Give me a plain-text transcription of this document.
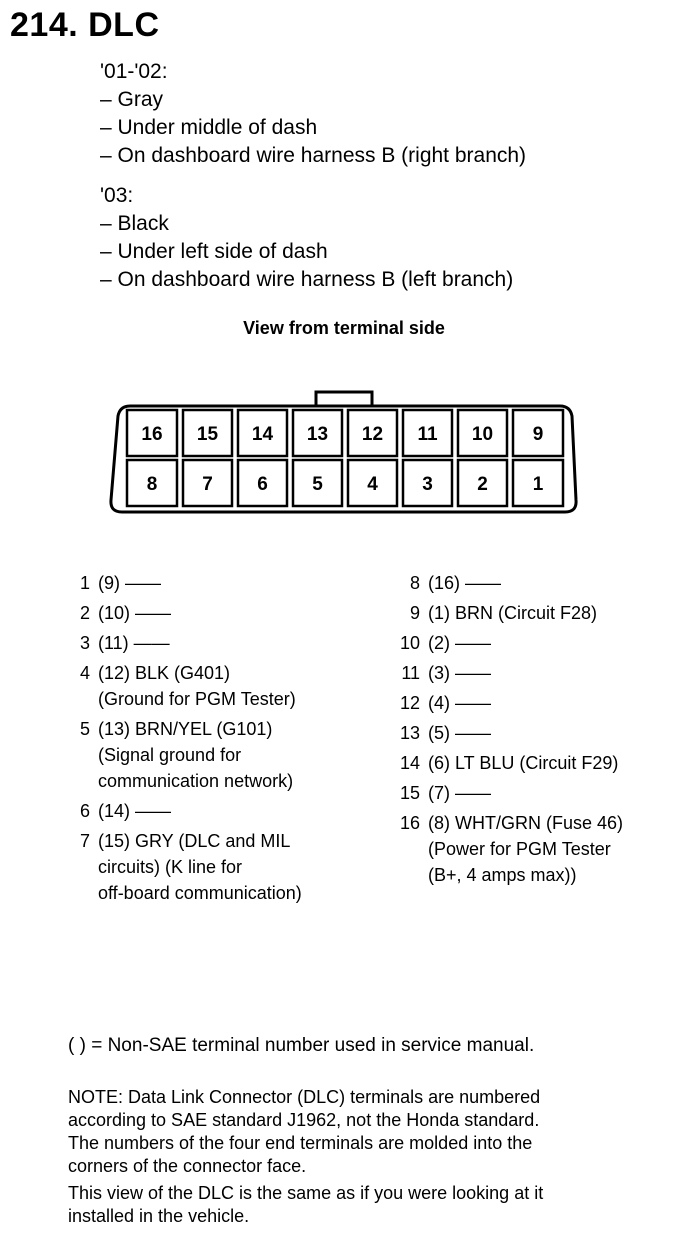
214. DLC
'01-'02:
– Gray
– Under middle of dash
– On dashboard wire harness B (right branch)
'03:
– Black
– Under left side of dash
– On dashboard wire harness B (left branch)
View from terminal side
16 15 14 13 12 11 10 9
8 7 6 5 4 3 2 1
1 (9) ——
2 (10) ——
3 (11) ——
4 (12) BLK (G401)
(Ground for PGM Tester)
5 (13) BRN/YEL (G101)
(Signal ground for
communication network)
6 (14) ——
7 (15) GRY (DLC and MIL
circuits) (K line for
off-board communication)
8 (16) ——
9 (1) BRN (Circuit F28)
10 (2) ——
11 (3) ——
12 (4) ——
13 (5) ——
14 (6) LT BLU (Circuit F29)
15 (7) ——
16 (8) WHT/GRN (Fuse 46)
(Power for PGM Tester
(B+, 4 amps max))
( ) = Non-SAE terminal number used in service manual.

NOTE: Data Link Connector (DLC) terminals are numbered
according to SAE standard J1962, not the Honda standard.
The numbers of the four end terminals are molded into the
corners of the connector face.

This view of the DLC is the same as if you were looking at it
installed in the vehicle.
